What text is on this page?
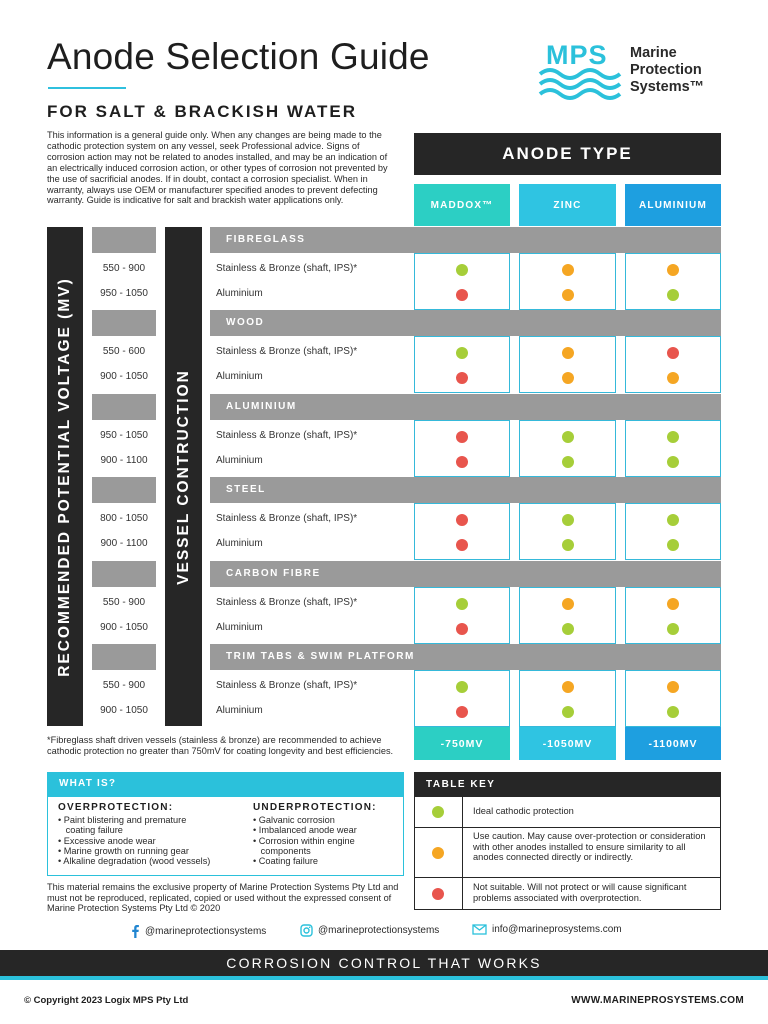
Anode Selection Guide
FOR SALT & BRACKISH WATER
MPS Marine
Protection
Systems™

This information is a general guide only. When any changes are being made to the cathodic protection system on any vessel, seek Professional advice. Signs of corrosion action may not be related to anodes installed, and may be an indication of an electrically induced corrosion action, or other types of corrosion not prevented by the use of sacrificial anodes. If in doubt, contact a corrosion specialist. When in warranty, always use OEM or manufacturer specified anodes to prevent defecting warranty. Guide is indicative for salt and brackish water applications only.

ANODE TYPE
MADDOX™	ZINC	ALUMINIUM
RECOMMENDED POTENTIAL VOLTAGE (MV)	VESSEL CONTRUCTION
FIBREGLASS
550 - 900	Stainless & Bronze (shaft, IPS)*
950 - 1050	Aluminium
WOOD
550 - 600	Stainless & Bronze (shaft, IPS)*
900 - 1050	Aluminium
ALUMINIUM
950 - 1050	Stainless & Bronze (shaft, IPS)*
900 - 1100	Aluminium
STEEL
800 - 1050	Stainless & Bronze (shaft, IPS)*
900 - 1100	Aluminium
CARBON FIBRE
550 - 900	Stainless & Bronze (shaft, IPS)*
900 - 1050	Aluminium
TRIM TABS & SWIM PLATFORM
550 - 900	Stainless & Bronze (shaft, IPS)*
900 - 1050	Aluminium
-750MV	-1050MV	-1100MV

*Fibreglass shaft driven vessels (stainless & bronze) are recommended to achieve cathodic protection no greater than 750mV for coating longevity and best efficiencies.

WHAT IS?
OVERPROTECTION:
• Paint blistering and premature
coating failure
• Excessive anode wear
• Marine growth on running gear
• Alkaline degradation (wood vessels)
UNDERPROTECTION:
• Galvanic corrosion
• Imbalanced anode wear
• Corrosion within engine
components
• Coating failure

This material remains the exclusive property of Marine Protection Systems Pty Ltd and must not be reproduced, replicated, copied or used without the expressed consent of Marine Protection Systems Pty Ltd © 2020

TABLE KEY
Ideal cathodic protection
Use caution. May cause over-protection or consideration with other anodes installed to ensure similarity to all anodes connected directly or indirectly.
Not suitable. Will not protect or will cause significant problems associated with overprotection.
@marineprotectionsystems	@marineprotectionsystems	info@marineprosystems.com
CORROSION CONTROL THAT WORKS
© Copyright 2023 Logix MPS Pty Ltd	WWW.MARINEPROSYSTEMS.COM
